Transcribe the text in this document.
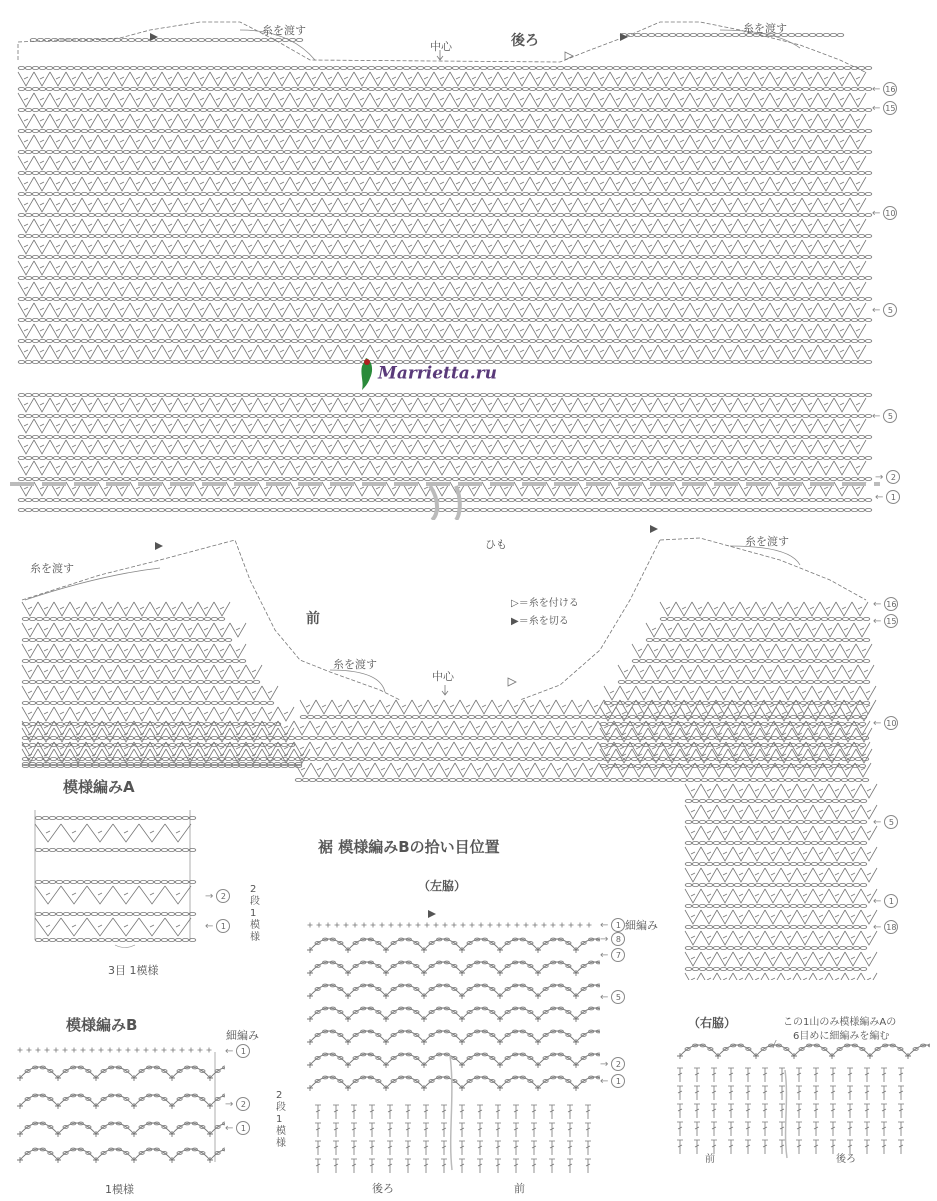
後ろ
中心
糸を渡す	糸を渡す
← 16
← 15
← 10
← 5
← 5
→ 2
← 1
ひも
前
中心
糸を渡す
糸を渡す
糸を渡す
▷＝糸を付ける
▶＝糸を切る
← 16
← 15
← 10
← 5
← 1
← 18
模様編みA
→ 2
← 1
2段1模様
3目 1模様
模様編みB
細編み
← 1
→ 2
← 1
2段1模様
1模様
裾 模様編みBの拾い目位置
（左脇）
（右脇）
細編み
← 1
→ 8
← 7
← 5
→ 2
← 1
後ろ	前
この1山のみ模様編みAの
6目めに細編みを編む
前	後ろ
Marrietta.ru
